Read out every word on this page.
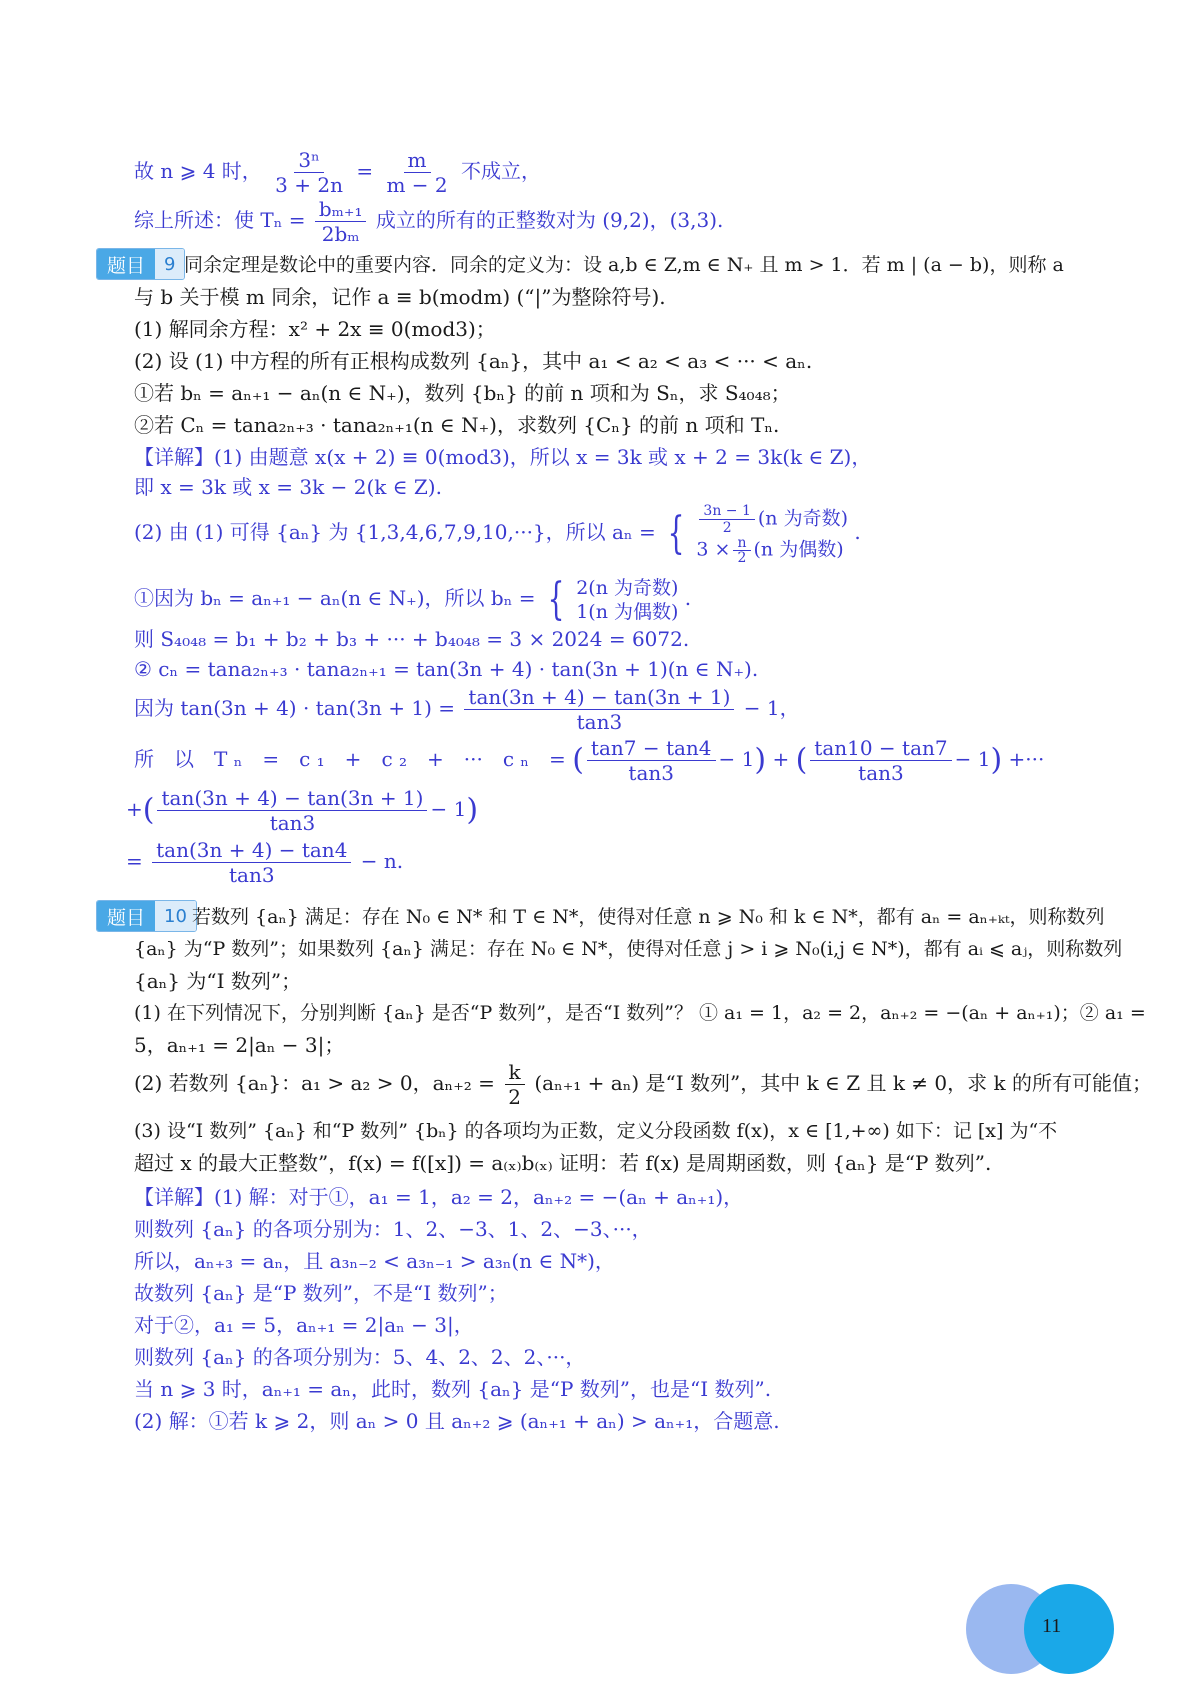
故 n ⩾ 4 时， $\frac{\text{3ⁿ}}{3 + 2n} = \frac{m}{m - 2}$ 不成立，
综上所述：使 $T_n = \frac{\text{bₘ₊₁}}{\text{2bₘ}}$ 成立的所有的正整数对为 (9,2)，(3,3).
题目	9 同余定理是数论中的重要内容．同余的定义为：设 a,b ∈ Z,m ∈ N₊ 且 m > 1．若 m | (a − b)，则称 a
与 b 关于模 m 同余，记作 a ≡ b(modm) (“|”为整除符号).
(1) 解同余方程：x² + 2x ≡ 0(mod3)；
(2) 设 (1) 中方程的所有正根构成数列 {aₙ}，其中 a₁ < a₂ < a₃ < ··· < aₙ.
①若 bₙ = aₙ₊₁ − aₙ(n ∈ N₊)，数列 {bₙ} 的前 n 项和为 Sₙ，求 S₄₀₄₈；
②若 Cₙ = tana₂ₙ₊₃ · tana₂ₙ₊₁(n ∈ N₊)，求数列 {Cₙ} 的前 n 项和 Tₙ.
【详解】(1) 由题意 x(x + 2) ≡ 0(mod3)，所以 x = 3k 或 x + 2 = 3k(k ∈ Z)，
即 x = 3k 或 x = 3k − 2(k ∈ Z).
(2) 由 (1) 可得 {aₙ} 为 {1,3,4,6,7,9,10,···}，所以 aₙ = { $\frac{3n - 1}{2} (n$ 为奇数)
$3 \times \frac{n}{2} (n$ 为偶数)
.
①因为 bₙ = aₙ₊₁ − aₙ(n ∈ N₊)，所以 bₙ = { 2(n 为奇数)
1(n 为偶数)
.
则 S₄₀₄₈ = b₁ + b₂ + b₃ + ··· + b₄₀₄₈ = 3 × 2024 = 6072.
② cₙ = tana₂ₙ₊₃ · tana₂ₙ₊₁ = tan(3n + 4) · tan(3n + 1)(n ∈ N₊).
因为 $\tan(3n + 4) \cdot \tan(3n + 1) = \frac{\tan(3n + 4) - \tan(3n + 1)}{\tan 3} - 1$，
所　以　T ₙ　=　c ₁　+　c ₂　+　···　c ₙ　= ( $\frac{\tan 7 - \tan 4}{\tan 3} - 1$) + ( $\frac{\tan 10 - \tan 7}{\tan 3} - 1$) +···
+( $\frac{\tan(3n + 4) - \tan(3n + 1)}{\tan 3} - 1$)
= $\frac{\tan(3n + 4) - \tan 4}{\tan 3} - n$.
题目	10 若数列 {aₙ} 满足：存在 N₀ ∈ N* 和 T ∈ N*，使得对任意 n ⩾ N₀ 和 k ∈ N*，都有 aₙ = aₙ₊ₖₜ，则称数列
{aₙ} 为“P 数列”；如果数列 {aₙ} 满足：存在 N₀ ∈ N*，使得对任意 j > i ⩾ N₀(i,j ∈ N*)，都有 aᵢ ⩽ aⱼ，则称数列
{aₙ} 为“I 数列”；
(1) 在下列情况下，分别判断 {aₙ} 是否“P 数列”，是否“I 数列”？ ① a₁ = 1，a₂ = 2，aₙ₊₂ = −(aₙ + aₙ₊₁)；② a₁ =
5，aₙ₊₁ = 2|aₙ − 3|；
(2) 若数列 {aₙ}：a₁ > a₂ > 0，$a_{n+2} = \frac{k}{2} (a_{n+1} + a_n)$ 是“I 数列”，其中 k ∈ Z 且 k ≠ 0，求 k 的所有可能值；
(3) 设“I 数列” {aₙ} 和“P 数列” {bₙ} 的各项均为正数，定义分段函数 f(x)，x ∈ [1,+∞) 如下：记 [x] 为“不
超过 x 的最大正整数”，f(x) = f([x]) = a₍ₓ₎b₍ₓ₎ 证明：若 f(x) 是周期函数，则 {aₙ} 是“P 数列”.
【详解】(1) 解：对于①，a₁ = 1，a₂ = 2，aₙ₊₂ = −(aₙ + aₙ₊₁)，
则数列 {aₙ} 的各项分别为：1、2、−3、1、2、−3、···，
所以，aₙ₊₃ = aₙ，且 a₃ₙ₋₂ < a₃ₙ₋₁ > a₃ₙ(n ∈ N*)，
故数列 {aₙ} 是“P 数列”，不是“I 数列”；
对于②，a₁ = 5，aₙ₊₁ = 2|aₙ − 3|，
则数列 {aₙ} 的各项分别为：5、4、2、2、2、···，
当 n ⩾ 3 时，aₙ₊₁ = aₙ，此时，数列 {aₙ} 是“P 数列”，也是“I 数列”.
(2) 解：①若 k ⩾ 2，则 aₙ > 0 且 aₙ₊₂ ⩾ (aₙ₊₁ + aₙ) > aₙ₊₁，合题意.
11
